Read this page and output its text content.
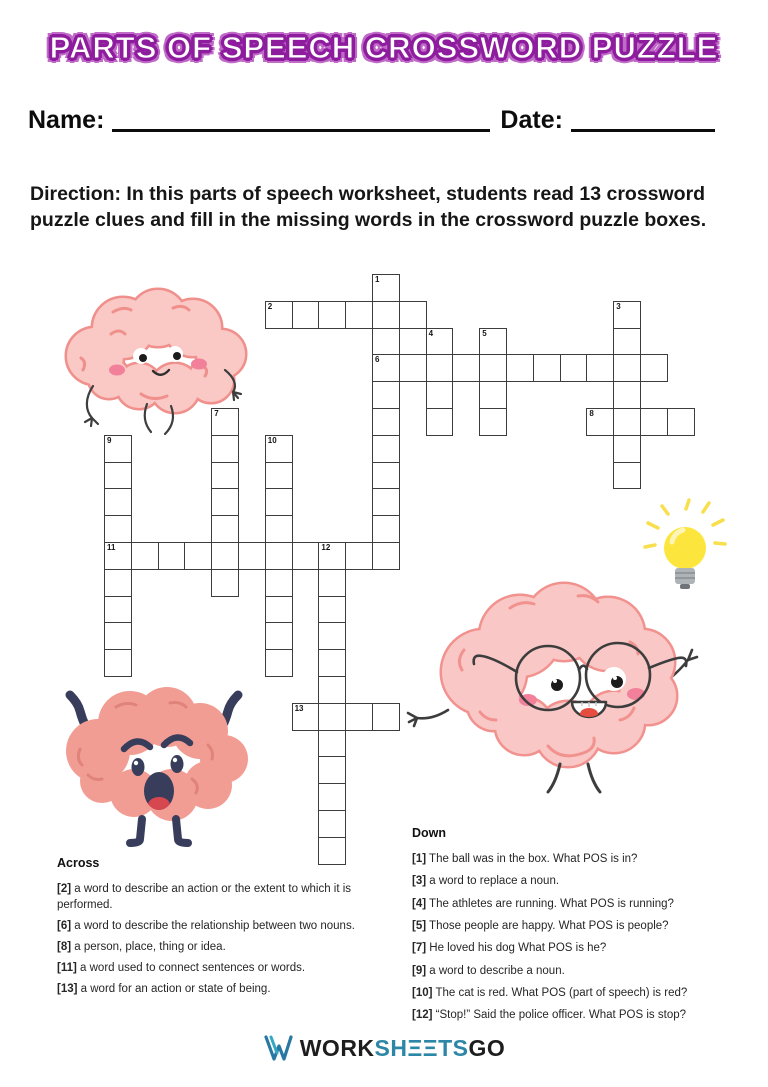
PARTS OF SPEECH CROSSWORD PUZZLE
Name:	Date:

Direction: In this parts of speech worksheet, students read 13 crossword puzzle clues and fill in the missing words in the crossword puzzle boxes.

1
6
2	3
4	5
7	8
9
11
10
12
13
Across
[2] a word to describe an action or the extent to which it is performed.
[6] a word to describe the relationship between two nouns.
[8] a person, place, thing or idea.
[11] a word used to connect sentences or words.
[13] a word for an action or state of being.
Down
[1] The ball was in the box. What POS is in?
[3] a word to replace a noun.
[4] The athletes are running. What POS is running?
[5] Those people are happy. What POS is people?
[7] He loved his dog What POS is he?
[9] a word to describe a noun.
[10] The cat is red. What POS (part of speech) is red?
[12] “Stop!” Said the police officer. What POS is stop?
WORKSHΞΞTSGO
